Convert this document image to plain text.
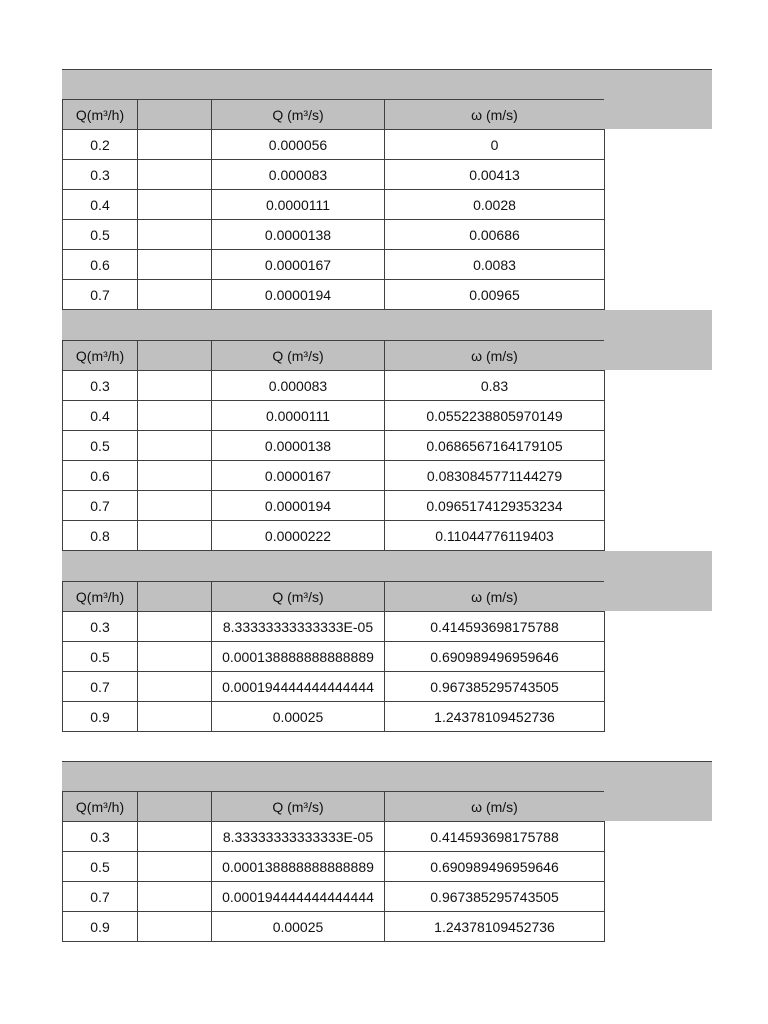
Q(m³/h)		Q (m³/s)	ω (m/s)
0.2		0.000056	0
0.3		0.000083	0.00413
0.4		0.0000111	0.0028
0.5		0.0000138	0.00686
0.6		0.0000167	0.0083
0.7		0.0000194	0.00965
Q(m³/h)		Q (m³/s)	ω (m/s)
0.3		0.000083	0.83
0.4		0.0000111	0.0552238805970149
0.5		0.0000138	0.0686567164179105
0.6		0.0000167	0.0830845771144279
0.7		0.0000194	0.0965174129353234
0.8		0.0000222	0.11044776119403
Q(m³/h)		Q (m³/s)	ω (m/s)
0.3		8.33333333333333E-05	0.414593698175788
0.5		0.000138888888888889	0.690989496959646
0.7		0.000194444444444444	0.967385295743505
0.9		0.00025	1.24378109452736
Q(m³/h)		Q (m³/s)	ω (m/s)
0.3		8.33333333333333E-05	0.414593698175788
0.5		0.000138888888888889	0.690989496959646
0.7		0.000194444444444444	0.967385295743505
0.9		0.00025	1.24378109452736
